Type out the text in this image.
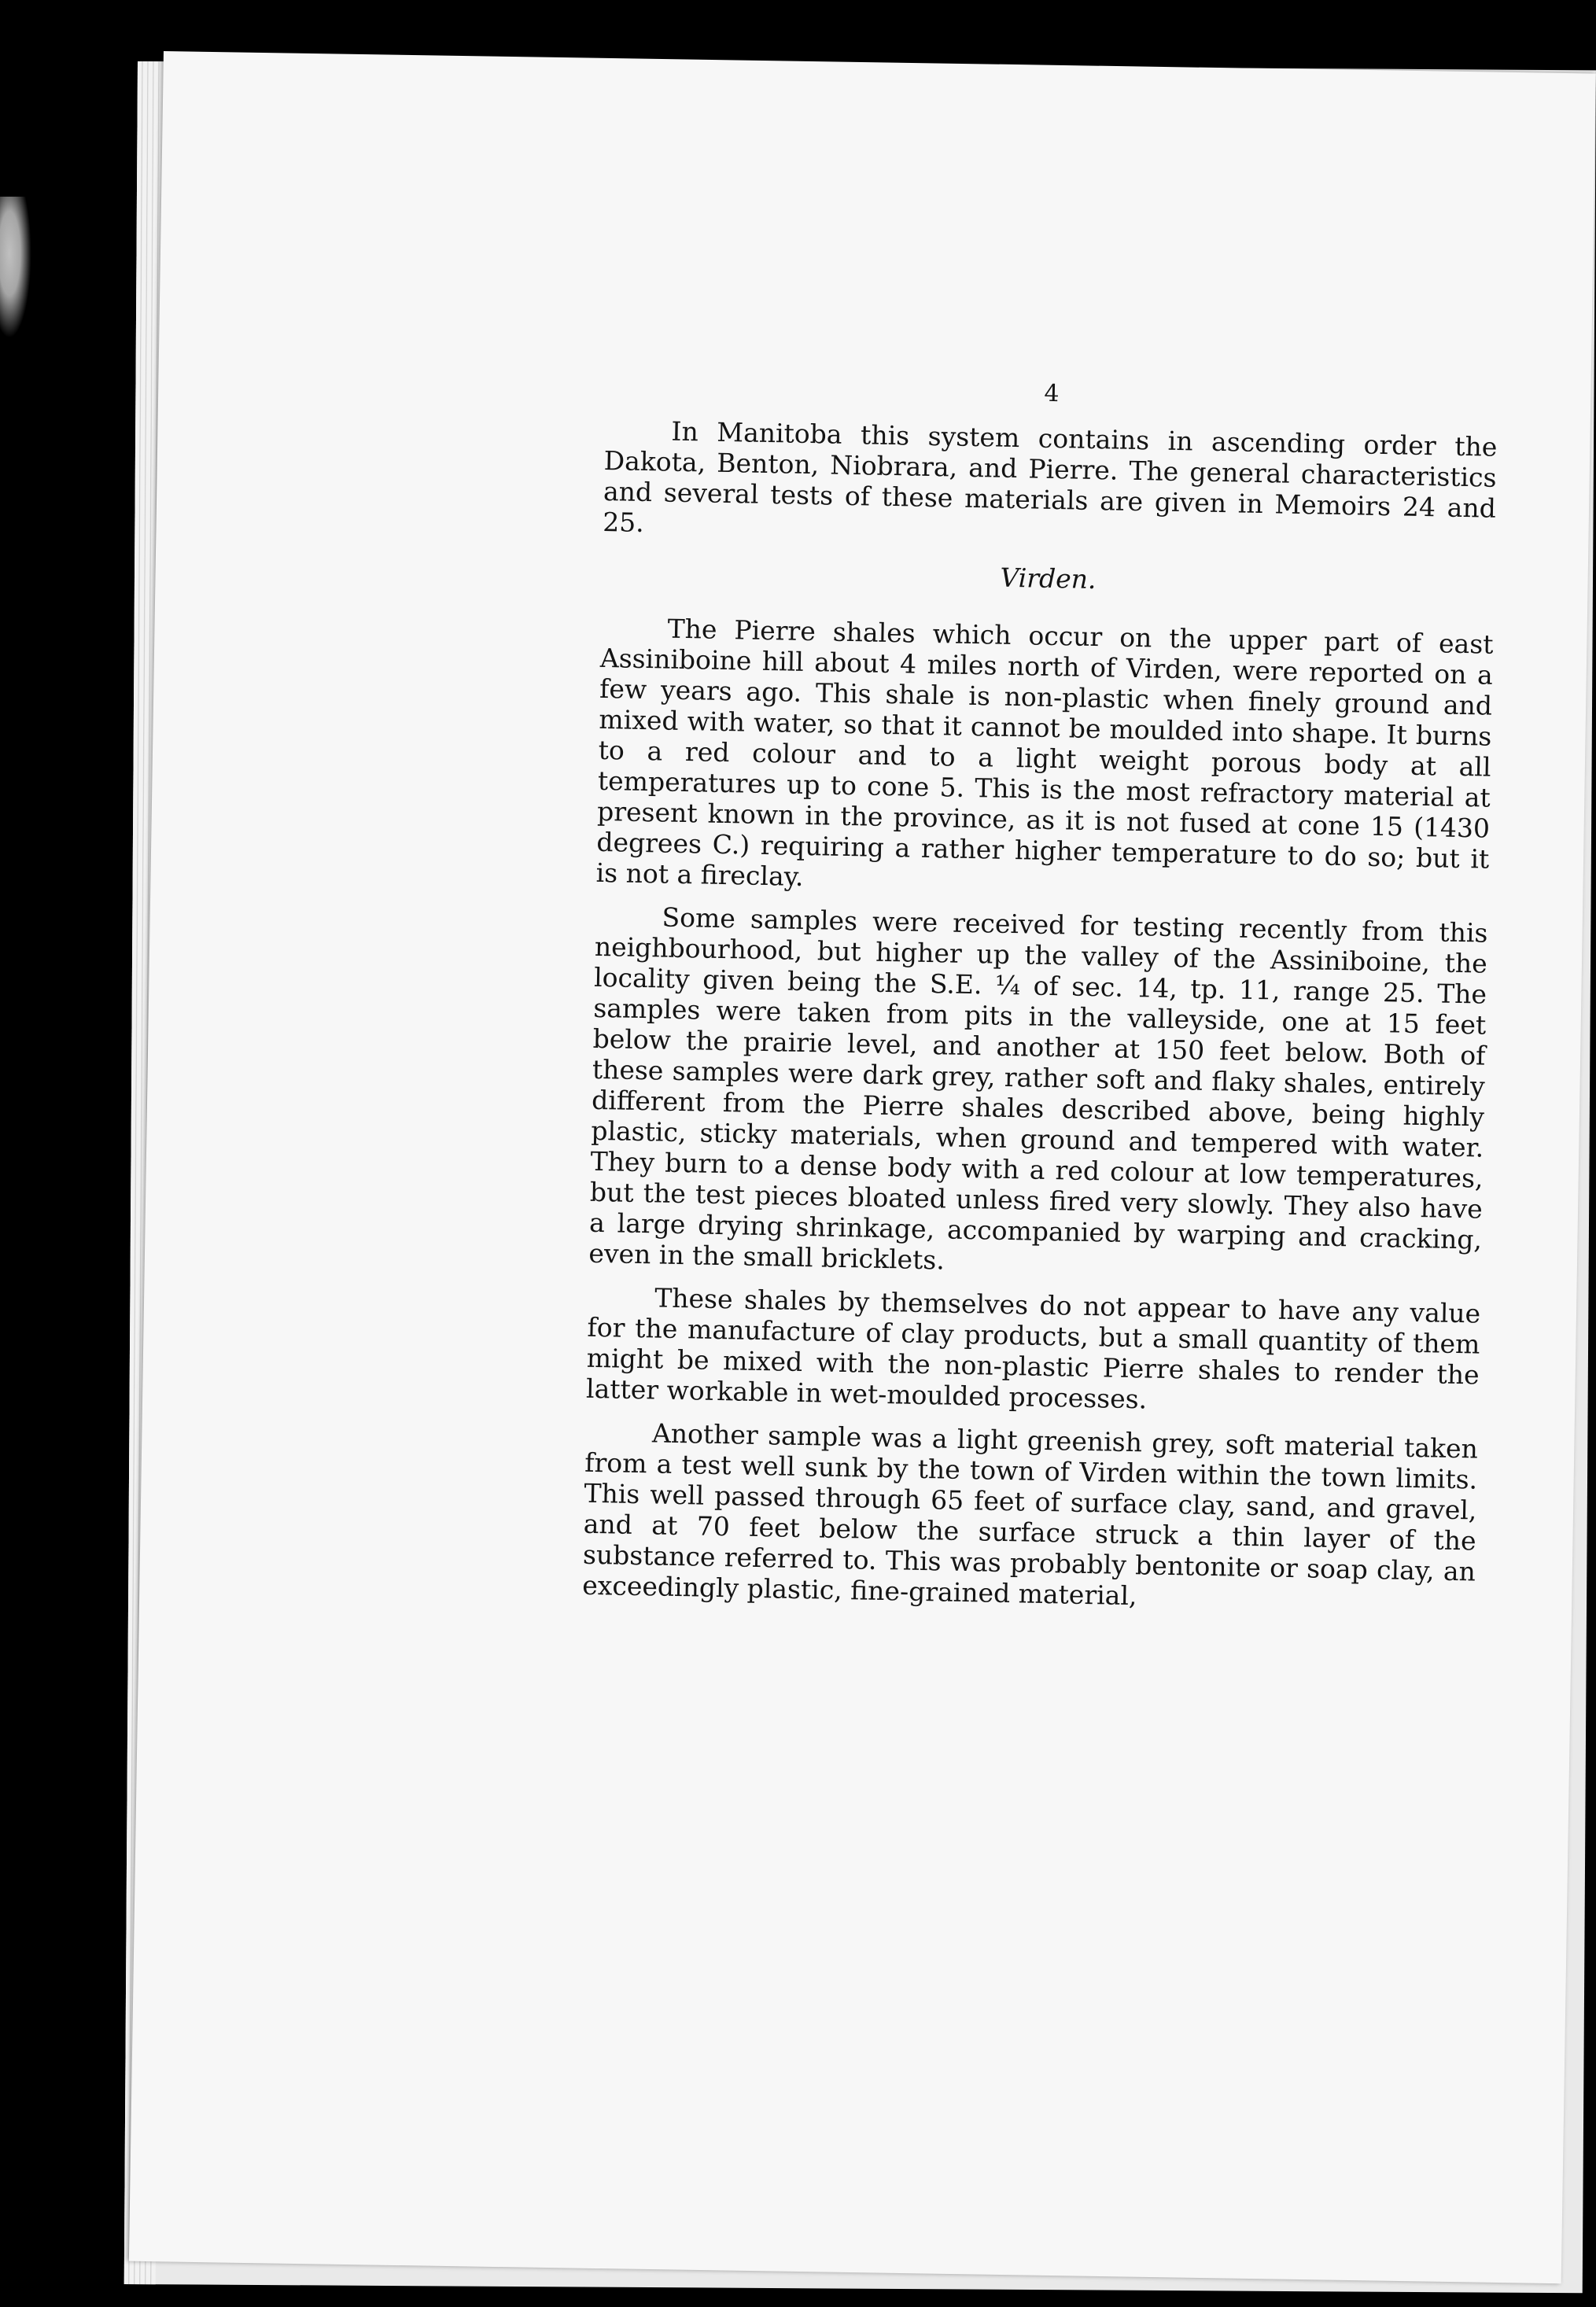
4

In Manitoba this system contains in ascending order the Dakota, Benton, Niobrara, and Pierre. The general characteristics and several tests of these materials are given in Memoirs 24 and 25.

Virden.

The Pierre shales which occur on the upper part of east Assiniboine hill about 4 miles north of Virden, were reported on a few years ago. This shale is non-plastic when finely ground and mixed with water, so that it cannot be moulded into shape. It burns to a red colour and to a light weight porous body at all temperatures up to cone 5. This is the most refractory material at present known in the province, as it is not fused at cone 15 (1430 degrees C.) requiring a rather higher temperature to do so; but it is not a fireclay.

Some samples were received for testing recently from this neighbourhood, but higher up the valley of the Assiniboine, the locality given being the S.E. ¼ of sec. 14, tp. 11, range 25. The samples were taken from pits in the valleyside, one at 15 feet below the prairie level, and another at 150 feet below. Both of these samples were dark grey, rather soft and flaky shales, entirely different from the Pierre shales described above, being highly plastic, sticky materials, when ground and tempered with water. They burn to a dense body with a red colour at low temperatures, but the test pieces bloated unless fired very slowly. They also have a large drying shrinkage, accompanied by warping and cracking, even in the small bricklets.

These shales by themselves do not appear to have any value for the manufacture of clay products, but a small quantity of them might be mixed with the non-plastic Pierre shales to render the latter workable in wet-moulded processes.

Another sample was a light greenish grey, soft material taken from a test well sunk by the town of Virden within the town limits. This well passed through 65 feet of surface clay, sand, and gravel, and at 70 feet below the surface struck a thin layer of the substance referred to. This was probably bentonite or soap clay, an exceedingly plastic, fine-grained material,
